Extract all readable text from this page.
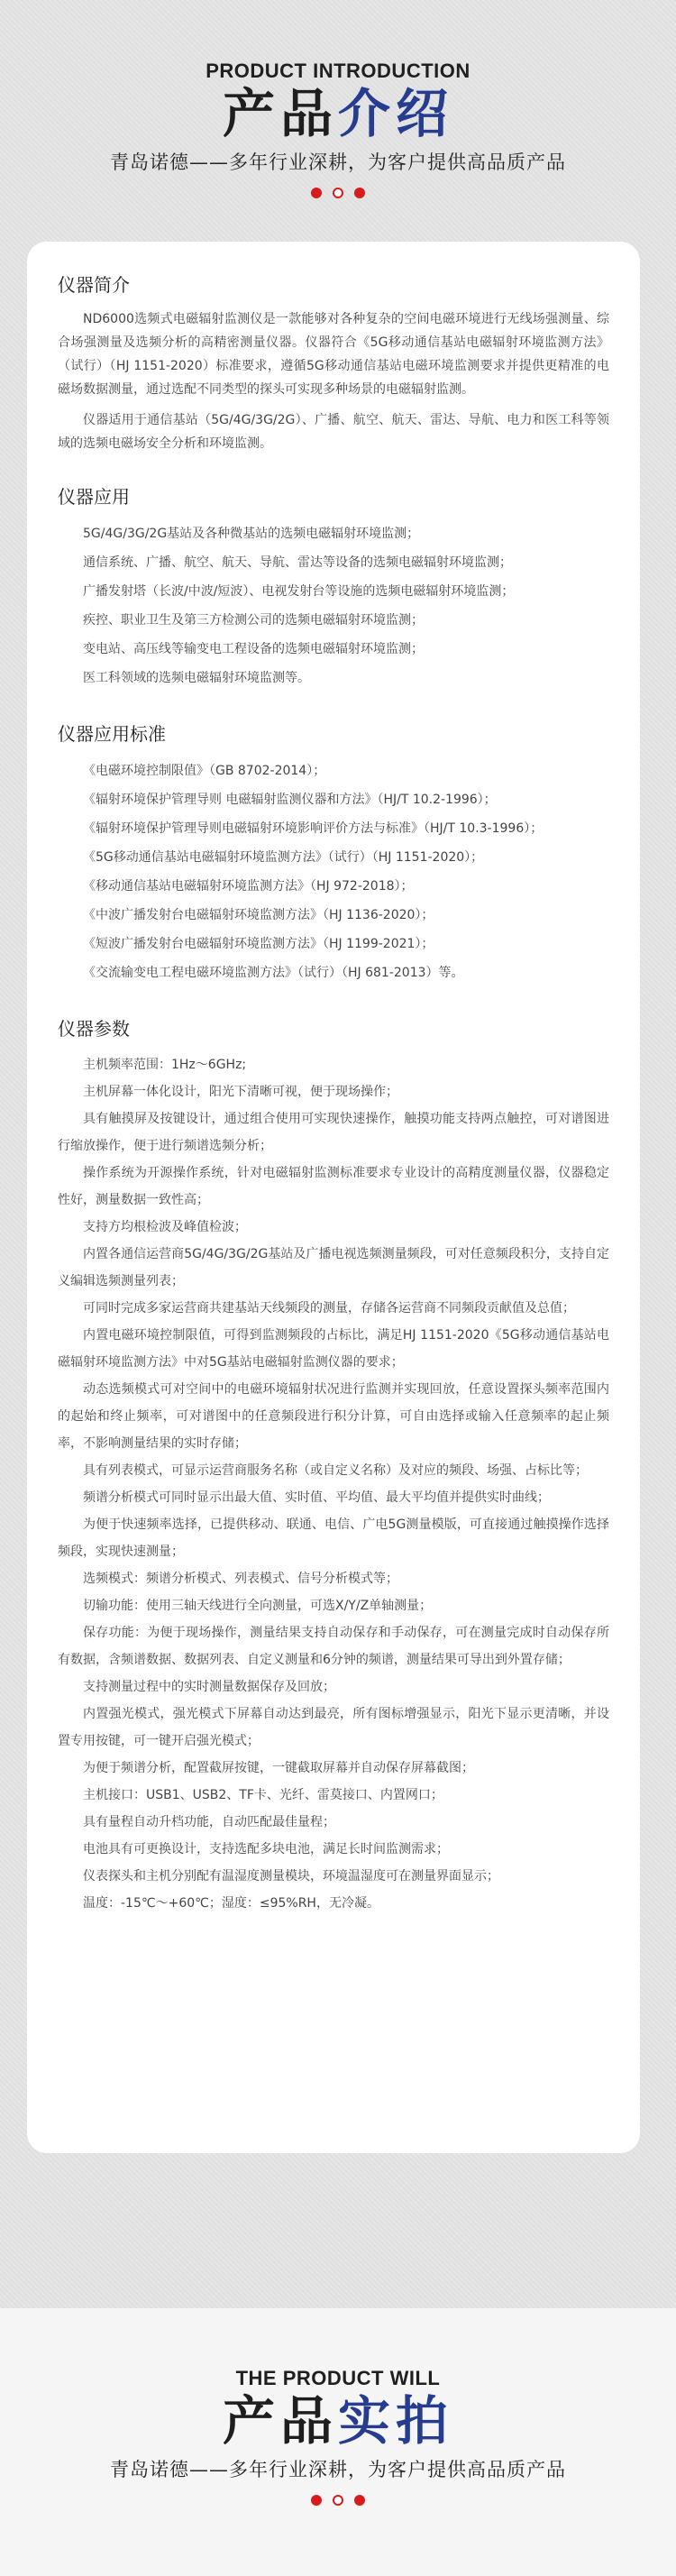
PRODUCT INTRODUCTION
产品介绍
青岛诺德——多年行业深耕，为客户提供高品质产品
仪器简介

ND6000选频式电磁辐射监测仪是一款能够对各种复杂的空间电磁环境进行无线场强测量、综合场强测量及选频分析的高精密测量仪器。仪器符合《5G移动通信基站电磁辐射环境监测方法》（试行）（HJ 1151-2020）标准要求，遵循5G移动通信基站电磁环境监测要求并提供更精准的电磁场数据测量，通过选配不同类型的探头可实现多种场景的电磁辐射监测。

仪器适用于通信基站（5G/4G/3G/2G）、广播、航空、航天、雷达、导航、电力和医工科等领域的选频电磁场安全分析和环境监测。

仪器应用

5G/4G/3G/2G基站及各种微基站的选频电磁辐射环境监测；

通信系统、广播、航空、航天、导航、雷达等设备的选频电磁辐射环境监测；

广播发射塔（长波/中波/短波）、电视发射台等设施的选频电磁辐射环境监测；

疾控、职业卫生及第三方检测公司的选频电磁辐射环境监测；

变电站、高压线等输变电工程设备的选频电磁辐射环境监测；

医工科领域的选频电磁辐射环境监测等。

仪器应用标准

《电磁环境控制限值》（GB 8702-2014）；

《辐射环境保护管理导则 电磁辐射监测仪器和方法》（HJ/T 10.2-1996）；

《辐射环境保护管理导则电磁辐射环境影响评价方法与标准》（HJ/T 10.3-1996）；

《5G移动通信基站电磁辐射环境监测方法》（试行）（HJ 1151-2020）；

《移动通信基站电磁辐射环境监测方法》（HJ 972-2018）；

《中波广播发射台电磁辐射环境监测方法》（HJ 1136-2020）；

《短波广播发射台电磁辐射环境监测方法》（HJ 1199-2021）；

《交流输变电工程电磁环境监测方法》（试行）（HJ 681-2013）等。

仪器参数

主机频率范围：1Hz～6GHz;

主机屏幕一体化设计，阳光下清晰可视，便于现场操作；

具有触摸屏及按键设计，通过组合使用可实现快速操作，触摸功能支持两点触控，可对谱图进行缩放操作，便于进行频谱选频分析；

操作系统为开源操作系统，针对电磁辐射监测标准要求专业设计的高精度测量仪器，仪器稳定性好，测量数据一致性高；

支持方均根检波及峰值检波；

内置各通信运营商5G/4G/3G/2G基站及广播电视选频测量频段，可对任意频段积分，支持自定义编辑选频测量列表；

可同时完成多家运营商共建基站天线频段的测量，存储各运营商不同频段贡献值及总值；

内置电磁环境控制限值，可得到监测频段的占标比，满足HJ 1151-2020《5G移动通信基站电磁辐射环境监测方法》中对5G基站电磁辐射监测仪器的要求；

动态选频模式可对空间中的电磁环境辐射状况进行监测并实现回放，任意设置探头频率范围内的起始和终止频率，可对谱图中的任意频段进行积分计算，可自由选择或输入任意频率的起止频率，不影响测量结果的实时存储；

具有列表模式，可显示运营商服务名称（或自定义名称）及对应的频段、场强、占标比等；

频谱分析模式可同时显示出最大值、实时值、平均值、最大平均值并提供实时曲线；

为便于快速频率选择，已提供移动、联通、电信、广电5G测量模版，可直接通过触摸操作选择频段，实现快速测量；

选频模式：频谱分析模式、列表模式、信号分析模式等；

切输功能：使用三轴天线进行全向测量，可选X/Y/Z单轴测量；

保存功能：为便于现场操作，测量结果支持自动保存和手动保存，可在测量完成时自动保存所有数据，含频谱数据、数据列表、自定义测量和6分钟的频谱，测量结果可导出到外置存储；

支持测量过程中的实时测量数据保存及回放；

内置强光模式，强光模式下屏幕自动达到最亮，所有图标增强显示，阳光下显示更清晰，并设置专用按键，可一键开启强光模式；

为便于频谱分析，配置截屏按键，一键截取屏幕并自动保存屏幕截图；

主机接口：USB1、USB2、TF卡、光纤、雷莫接口、内置网口；

具有量程自动升档功能，自动匹配最佳量程；

电池具有可更换设计，支持选配多块电池，满足长时间监测需求；

仪表探头和主机分别配有温湿度测量模块，环境温湿度可在测量界面显示；

温度：-15℃～+60℃；湿度：≤95%RH，无冷凝。

THE PRODUCT WILL
产品实拍
青岛诺德——多年行业深耕，为客户提供高品质产品
